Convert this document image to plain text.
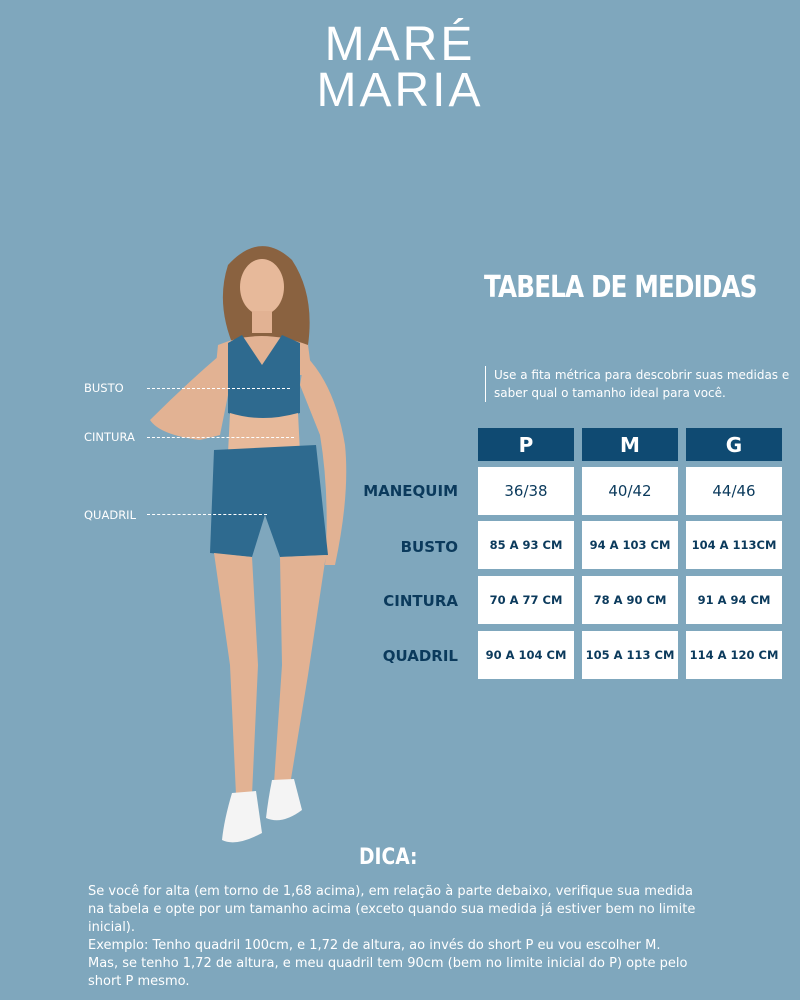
MARÉ
MARIA
BUSTO
CINTURA
QUADRIL
TABELA DE MEDIDAS
Use a fita métrica para descobrir suas medidas e saber qual o tamanho ideal para você.
P	M	G
MANEQUIM	36/38	40/42	44/46
BUSTO	85 A 93 CM	94 A 103 CM	104 A 113CM
CINTURA	70 A 77 CM	78 A 90 CM	91 A 94 CM
QUADRIL	90 A 104 CM	105 A 113 CM	114 A 120 CM
DICA:

Se você for alta (em torno de 1,68 acima), em relação à parte debaixo, verifique sua medida na tabela e opte por um tamanho acima (exceto quando sua medida já estiver bem no limite inicial).

Exemplo: Tenho quadril 100cm, e 1,72 de altura, ao invés do short P eu vou escolher M.

Mas, se tenho 1,72 de altura, e meu quadril tem 90cm (bem no limite inicial do P) opte pelo short P mesmo.
